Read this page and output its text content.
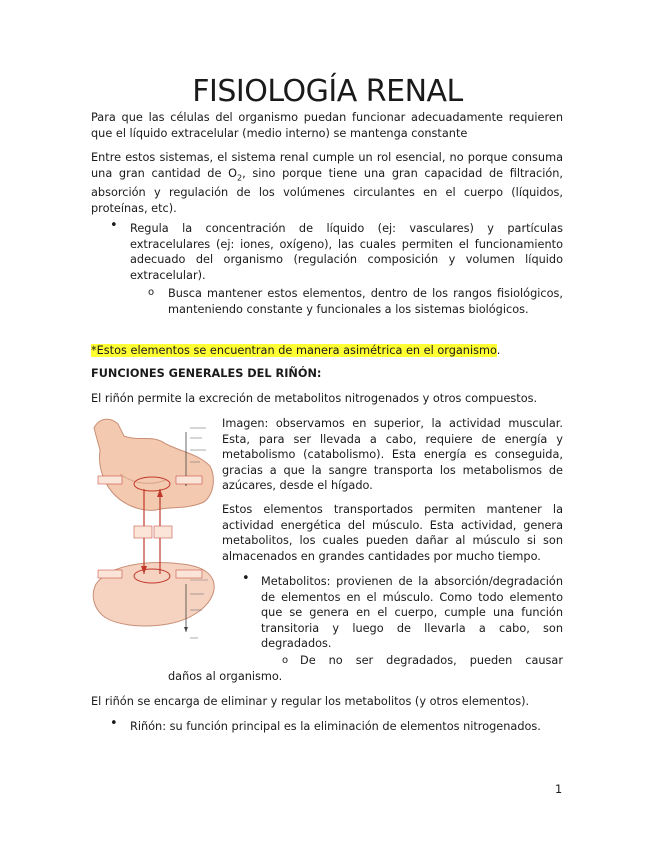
FISIOLOGÍA RENAL
Para que las células del organismo puedan funcionar adecuadamente requieren que el líquido extracelular (medio interno) se mantenga constante
Entre estos sistemas, el sistema renal cumple un rol esencial, no porque consuma una gran cantidad de $O_2$, sino porque tiene una gran capacidad de filtración, absorción y regulación de los volúmenes circulantes en el cuerpo (líquidos, proteínas, etc).
• Regula la concentración de líquido (ej: vasculares) y partículas extracelulares (ej: iones, oxígeno), las cuales permiten el funcionamiento adecuado del organismo (regulación composición y volumen líquido extracelular).
o Busca mantener estos elementos, dentro de los rangos fisiológicos, manteniendo constante y funcionales a los sistemas biológicos.
*Estos elementos se encuentran de manera asimétrica en el organismo.
FUNCIONES GENERALES DEL RIÑÓN:
El riñón permite la excreción de metabolitos nitrogenados y otros compuestos.
Imagen: observamos en superior, la actividad muscular. Esta, para ser llevada a cabo, requiere de energía y metabolismo (catabolismo). Esta energía es conseguida, gracias a que la sangre transporta los metabolismos de azúcares, desde el hígado.
Estos elementos transportados permiten mantener la actividad energética del músculo. Esta actividad, genera metabolitos, los cuales pueden dañar al músculo si son almacenados en grandes cantidades por mucho tiempo.
• Metabolitos: provienen de la absorción/degradación de elementos en el músculo. Como todo elemento que se genera en el cuerpo, cumple una función transitoria y luego de llevarla a cabo, son degradados.
o De no ser degradados, pueden causar
daños al organismo.
El riñón se encarga de eliminar y regular los metabolitos (y otros elementos).
• Riñón: su función principal es la eliminación de elementos nitrogenados.
1
